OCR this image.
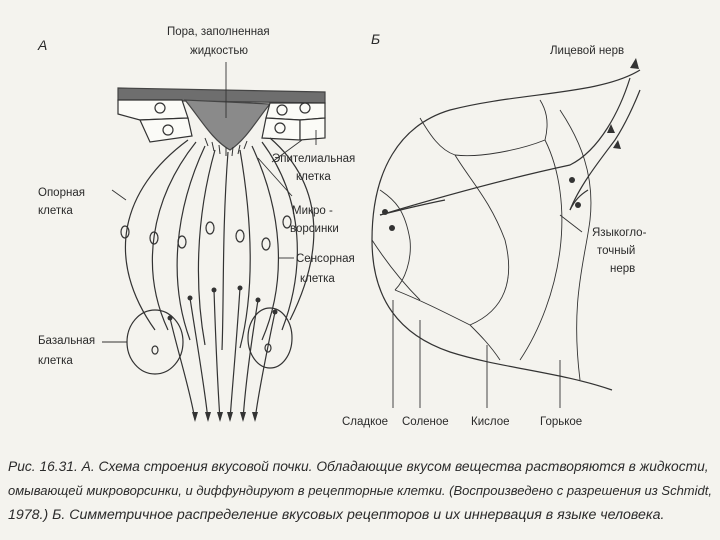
А
Пора, заполненная
жидкостью
Эпителиальная
клетка
Микро -
ворсинки
Сенсорная
клетка
Опорная
клетка
Базальная
клетка
Б
Лицевой нерв
Языкогло-
точный
нерв
Сладкое Соленое Кислое	Горькое

Рис. 16.31. А. Схема строения вкусовой почки. Обладающие вкусом вещества растворяются в жидкости,
омывающей микроворсинки, и диффундируют в рецепторные клетки. (Воспроизведено с разрешения из Schmidt,
1978.) Б. Симметричное распределение вкусовых рецепторов и их иннервация в языке человека.
